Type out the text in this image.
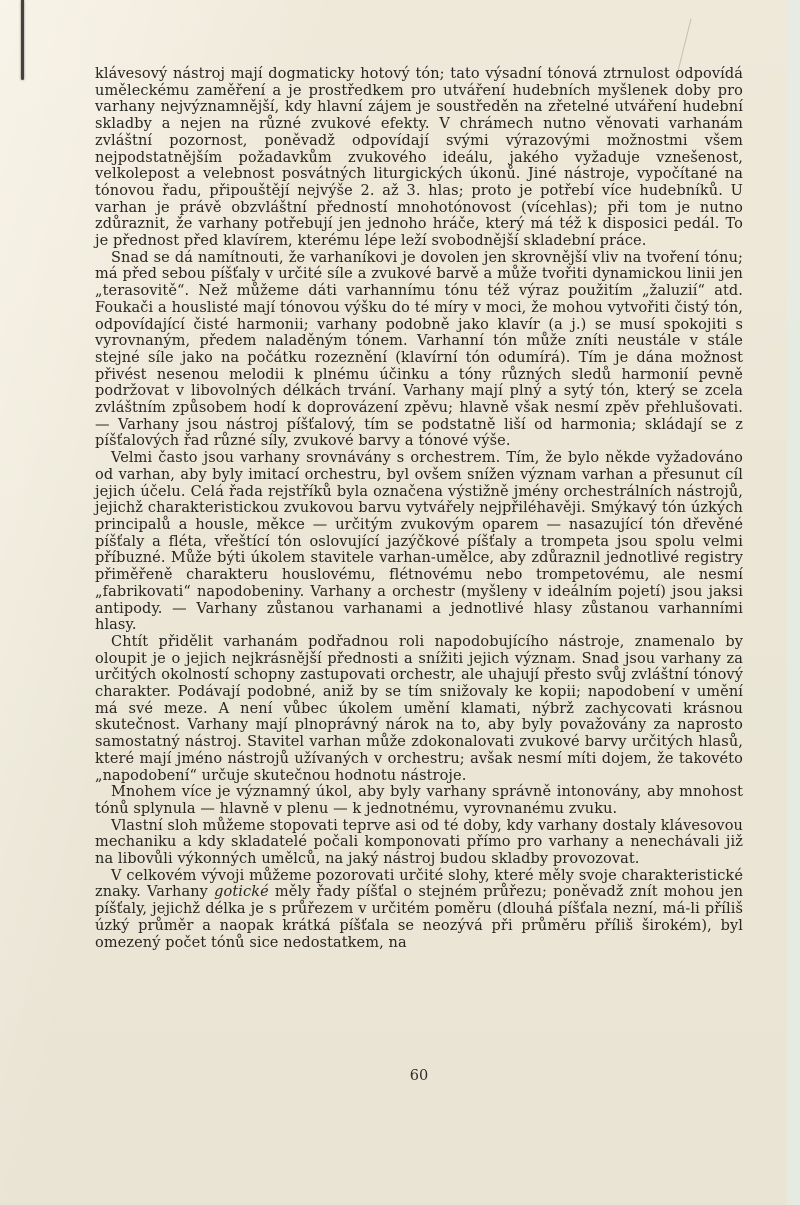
klávesový nástroj mají dogmaticky hotový tón; tato výsadní tónová ztrnulost odpovídá uměleckému zaměření a je prostředkem pro utváření hudebních myšlenek doby pro varhany nejvýznamnější, kdy hlavní zájem je soustředěn na zřetelné utváření hudební skladby a nejen na různé zvukové efekty. V chrámech nutno věnovati varhanám zvláštní pozornost, poněvadž odpovídají svými výrazovými možnostmi všem nejpodstatnějším požadavkům zvukového ideálu, jakého vyžaduje vznešenost, velkolepost a velebnost posvátných liturgických úkonů. Jiné nástroje, vypočítané na tónovou řadu, připouštějí nejvýše 2. až 3. hlas; proto je potřebí více hudebníků. U varhan je právě obzvláštní předností mnohotónovost (vícehlas); při tom je nutno zdůraznit, že varhany potřebují jen jednoho hráče, který má též k disposici pedál. To je přednost před klavírem, kterému lépe leží svobodnější skladební práce.

Snad se dá namítnouti, že varhaníkovi je dovolen jen skrovnější vliv na tvoření tónu; má před sebou píšťaly v určité síle a zvukové barvě a může tvořiti dynamickou linii jen „terasovitě“. Než můžeme dáti varhannímu tónu též výraz použitím „žaluzií“ atd. Foukači a houslisté mají tónovou výšku do té míry v moci, že mohou vytvořiti čistý tón, odpovídající čisté harmonii; varhany podobně jako klavír (a j.) se musí spokojiti s vyrovnaným, předem naladěným tónem. Varhanní tón může zníti neustále v stále stejné síle jako na počátku rozeznění (klavírní tón odumírá). Tím je dána možnost přivést nesenou melodii k plnému účinku a tóny různých sledů harmonií pevně podržovat v libovolných délkách trvání. Varhany mají plný a sytý tón, který se zcela zvláštním způsobem hodí k doprovázení zpěvu; hlavně však nesmí zpěv přehlušovati. — Varhany jsou nástroj píšťalový, tím se podstatně liší od harmonia; skládají se z píšťalových řad různé síly, zvukové barvy a tónové výše.

Velmi často jsou varhany srovnávány s orchestrem. Tím, že bylo někde vyžadováno od varhan, aby byly imitací orchestru, byl ovšem snížen význam varhan a přesunut cíl jejich účelu. Celá řada rejstříků byla označena výstižně jmény orchestrálních nástrojů, jejichž charakteristickou zvukovou barvu vytvářely nejpřiléhavěji. Smýkavý tón úzkých principalů a housle, měkce — určitým zvukovým oparem — nasazující tón dřevěné píšťaly a fléta, vřeštící tón oslovující jazýčkové píšťaly a trompeta jsou spolu velmi příbuzné. Může býti úkolem stavitele varhan-umělce, aby zdůraznil jednotlivé registry přiměřeně charakteru houslovému, flétnovému nebo trompetovému, ale nesmí „fabrikovati“ napodobeniny. Varhany a orchestr (myšleny v ideálním pojetí) jsou jaksi antipody. — Varhany zůstanou varhanami a jednotlivé hlasy zůstanou varhanními hlasy.

Chtít přidělit varhanám podřadnou roli napodobujícího nástroje, znamenalo by oloupit je o jejich nejkrásnější přednosti a snížiti jejich význam. Snad jsou varhany za určitých okolností schopny zastupovati orchestr, ale uhajují přesto svůj zvláštní tónový charakter. Podávají podobné, aniž by se tím snižovaly ke kopii; napodobení v umění má své meze. A není vůbec úkolem umění klamati, nýbrž zachycovati krásnou skutečnost. Varhany mají plnoprávný nárok na to, aby byly považovány za naprosto samostatný nástroj. Stavitel varhan může zdokonalovati zvukové barvy určitých hlasů, které mají jméno nástrojů užívaných v orchestru; avšak nesmí míti dojem, že takovéto „napodobení“ určuje skutečnou hodnotu nástroje.

Mnohem více je významný úkol, aby byly varhany správně intonovány, aby mnohost tónů splynula — hlavně v plenu — k jednotnému, vyrovnanému zvuku.

Vlastní sloh můžeme stopovati teprve asi od té doby, kdy varhany dostaly klávesovou mechaniku a kdy skladatelé počali komponovati přímo pro varhany a nenechávali již na libovůli výkonných umělců, na jaký nástroj budou skladby provozovat.

V celkovém vývoji můžeme pozorovati určité slohy, které měly svoje charakteristické znaky. Varhany gotické měly řady píšťal o stejném průřezu; poněvadž znít mohou jen píšťaly, jejichž délka je s průřezem v určitém poměru (dlouhá píšťala nezní, má-li příliš úzký průměr a naopak krátká píšťala se neozývá při průměru příliš širokém), byl omezený počet tónů sice nedostatkem, na

60
